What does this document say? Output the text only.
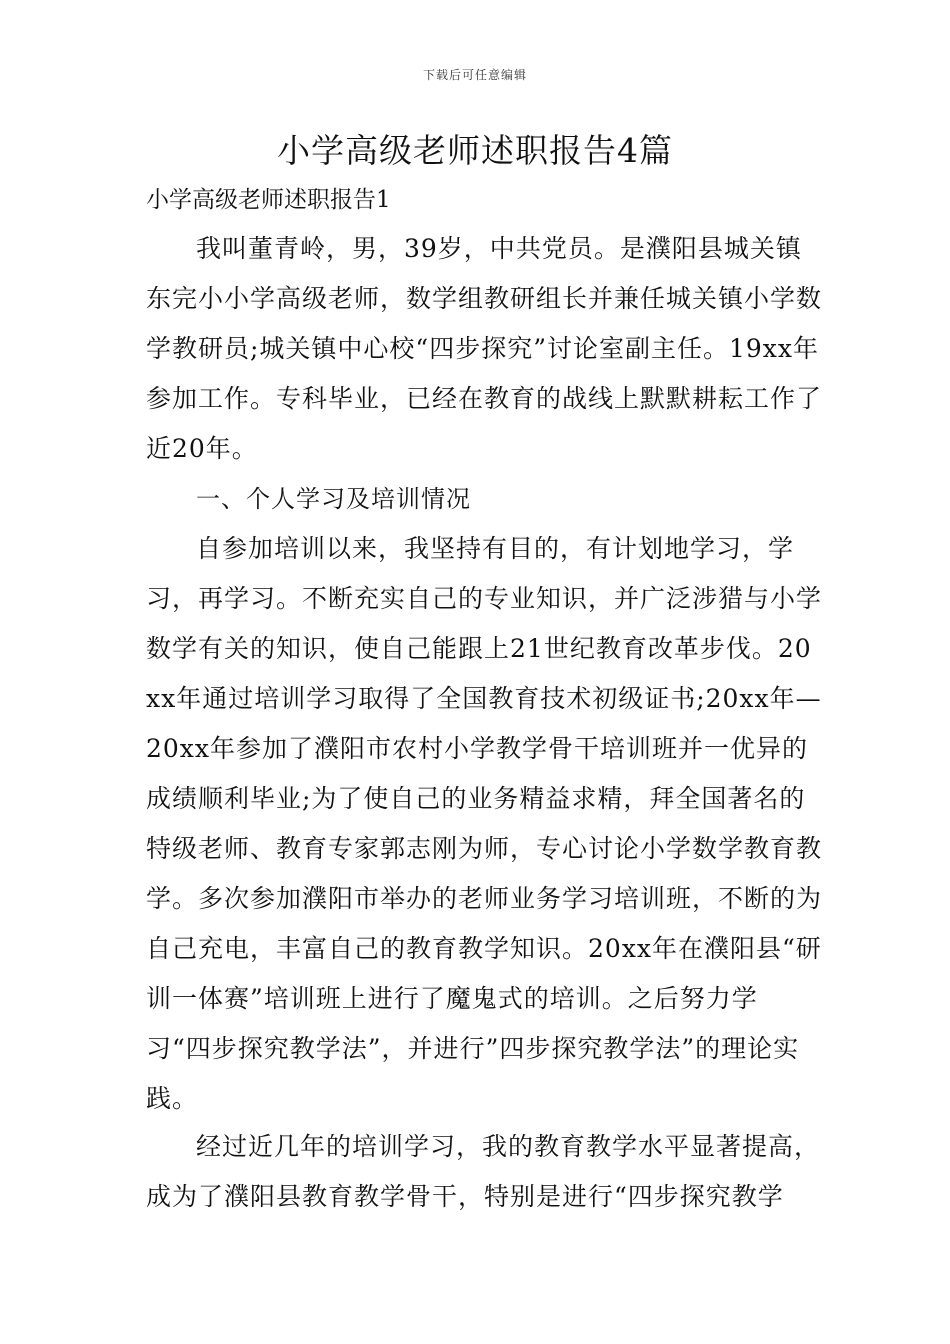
下载后可任意编辑
小学高级老师述职报告4篇
小学高级老师述职报告1

我叫董青岭，男，39岁，中共党员。是濮阳县城关镇东完小小学高级老师，数学组教研组长并兼任城关镇小学数学教研员;城关镇中心校“四步探究”讨论室副主任。19xx年参加工作。专科毕业，已经在教育的战线上默默耕耘工作了近20年。

一、个人学习及培训情况

自参加培训以来，我坚持有目的，有计划地学习，学习，再学习。不断充实自己的专业知识，并广泛涉猎与小学数学有关的知识，使自己能跟上21世纪教育改革步伐。20xx年通过培训学习取得了全国教育技术初级证书;20xx年—20xx年参加了濮阳市农村小学教学骨干培训班并一优异的成绩顺利毕业;为了使自己的业务精益求精，拜全国著名的特级老师、教育专家郭志刚为师，专心讨论小学数学教育教学。多次参加濮阳市举办的老师业务学习培训班，不断的为自己充电，丰富自己的教育教学知识。20xx年在濮阳县“研训一体赛”培训班上进行了魔鬼式的培训。之后努力学习“四步探究教学法”，并进行”四步探究教学法”的理论实践。

经过近几年的培训学习，我的教育教学水平显著提高，成为了濮阳县教育教学骨干，特别是进行“四步探究教学
